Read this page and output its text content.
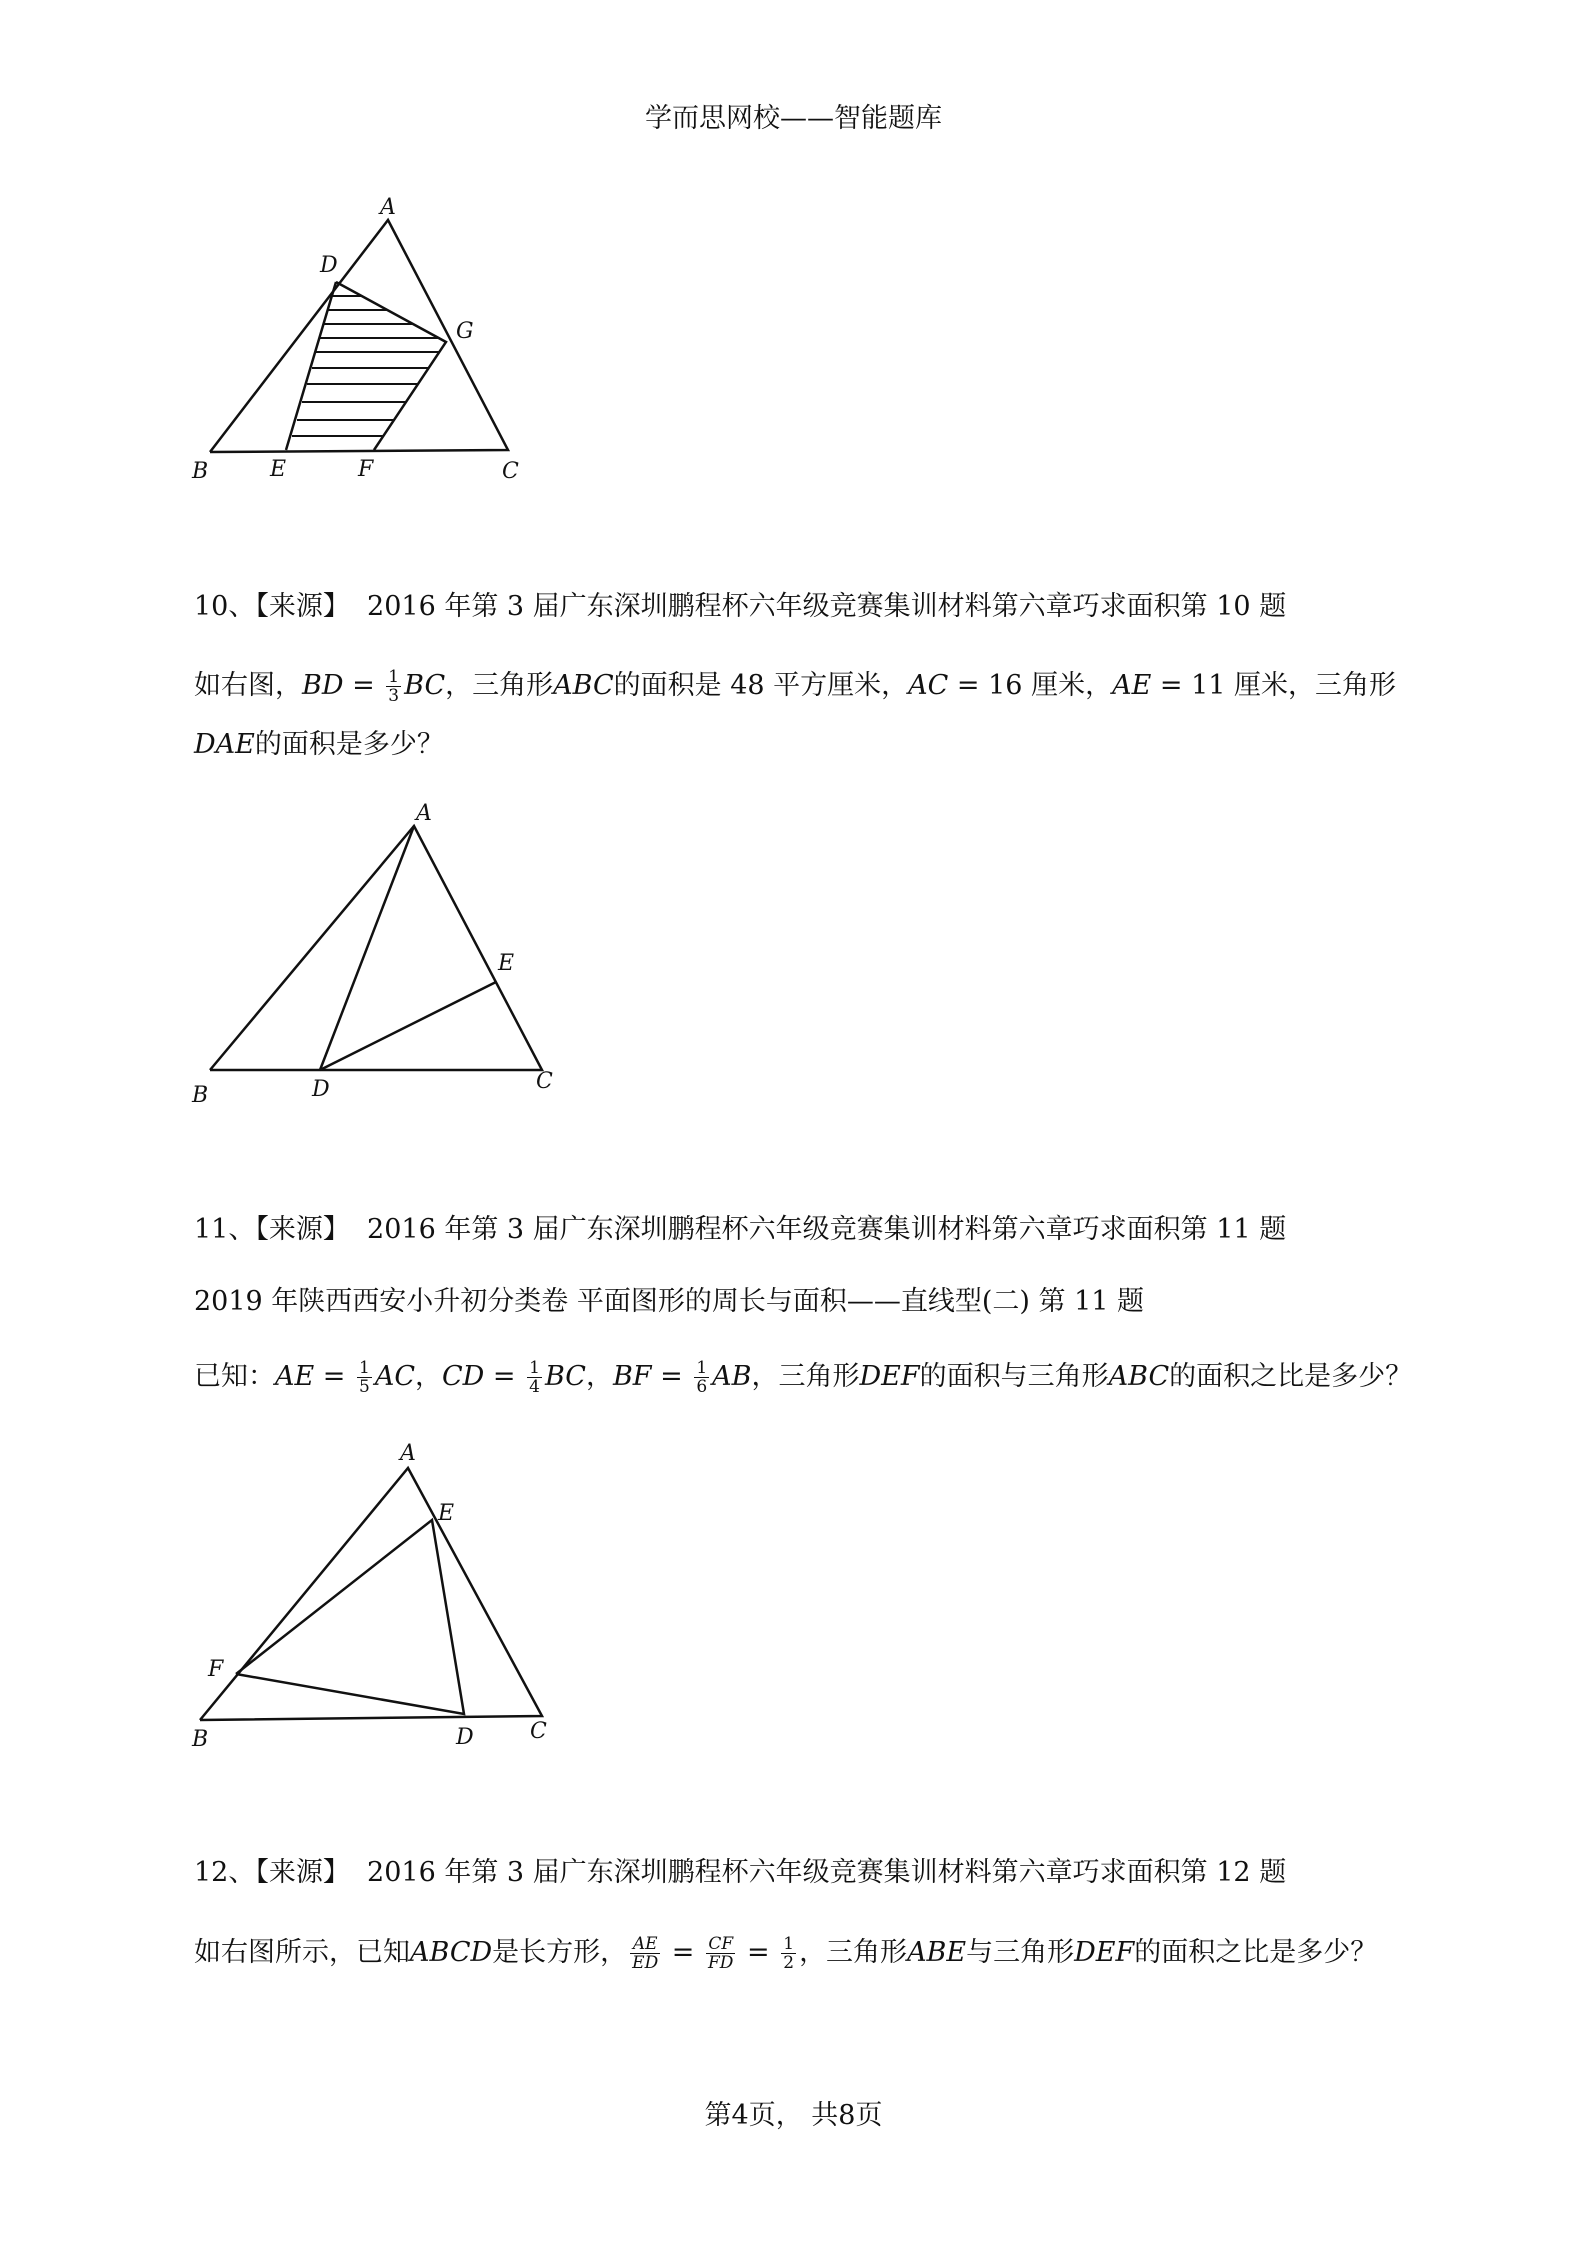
学而思网校——智能题库
A
D
G
B	E	F	C
10、【来源】 2016 年第 3 届广东深圳鹏程杯六年级竞赛集训材料第六章巧求面积第 10 题
如右图，BD = $\frac{1}{3}$ BC，三角形ABC的面积是 48 平方厘米，AC = 16 厘米，AE = 11 厘米，三角形
DAE的面积是多少？
A
E
B	D	C
11、【来源】 2016 年第 3 届广东深圳鹏程杯六年级竞赛集训材料第六章巧求面积第 11 题
2019 年陕西西安小升初分类卷 平面图形的周长与面积——直线型(二) 第 11 题
已知：AE = $\frac{1}{5}$ AC，CD = $\frac{1}{4}$ BC，BF = $\frac{1}{6}$ AB，三角形DEF的面积与三角形ABC的面积之比是多少？
A
E
F
B	D	C
12、【来源】 2016 年第 3 届广东深圳鹏程杯六年级竞赛集训材料第六章巧求面积第 12 题
如右图所示，已知ABCD是长方形， $\frac{AE}{ED} = \frac{CF}{FD} = \frac{1}{2}$ ，三角形ABE与三角形DEF的面积之比是多少？
第4页， 共8页
